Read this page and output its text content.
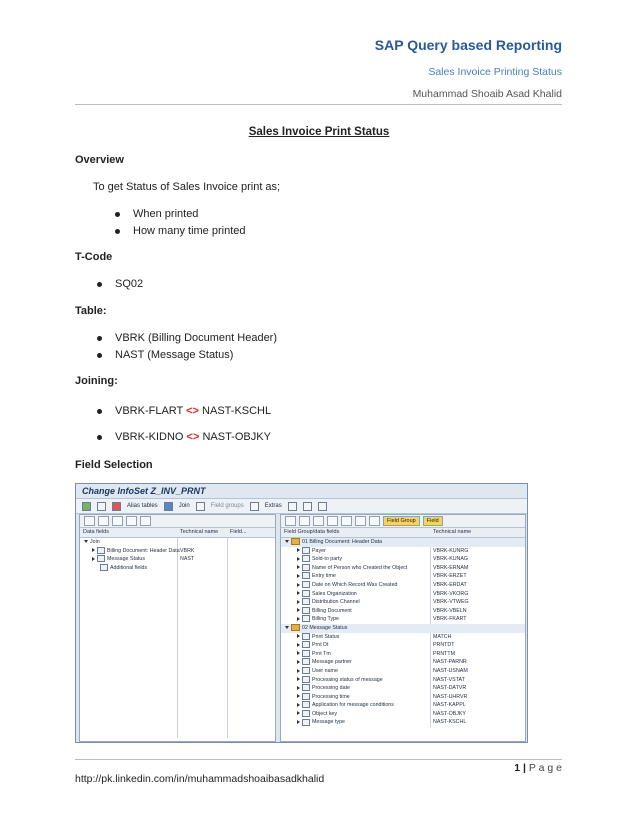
SAP Query based Reporting
Sales Invoice Printing Status
Muhammad Shoaib Asad Khalid
Sales Invoice Print Status
Overview
To get Status of Sales Invoice print as;
When printed
How many time printed
T-Code
SQ02
Table:
VBRK (Billing Document Header)
NAST (Message Status)
Joining:
VBRK-FLART <> NAST-KSCHL
VBRK-KIDNO <> NAST-OBJKY
Field Selection
Change InfoSet Z_INV_PRNT
Alias tables	Join	Field groups	Extras
Data fields	Technical name Field...
Join
Billing Document: Header Data VBRK
Message Status	NAST
Additional fields
Field Group	Field
Field Group/data fields	Technical name
01 Billing Document: Header Data
Payer	VBRK-KUNRG
Sold-to party	VBRK-KUNAG
Name of Person who Created the Object	VBRK-ERNAM
Entry time	VBRK-ERZET
Date on Which Record Was Created	VBRK-ERDAT
Sales Organization	VBRK-VKORG
Distribution Channel	VBRK-VTWEG
Billing Document	VBRK-VBELN
Billing Type	VBRK-FKART
02 Message Status
Print Status	MATCH
Prnt Dt	PRNTDT
Prnt Tm	PRNTTM
Message partner	NAST-PARNR
User name	NAST-USNAM
Processing status of message	NAST-VSTAT
Processing date	NAST-DATVR
Processing time	NAST-UHRVR
Application for message conditions	NAST-KAPPL
Object key	NAST-OBJKY
Message type	NAST-KSCHL
1 | P a g e
http://pk.linkedin.com/in/muhammadshoaibasadkhalid
